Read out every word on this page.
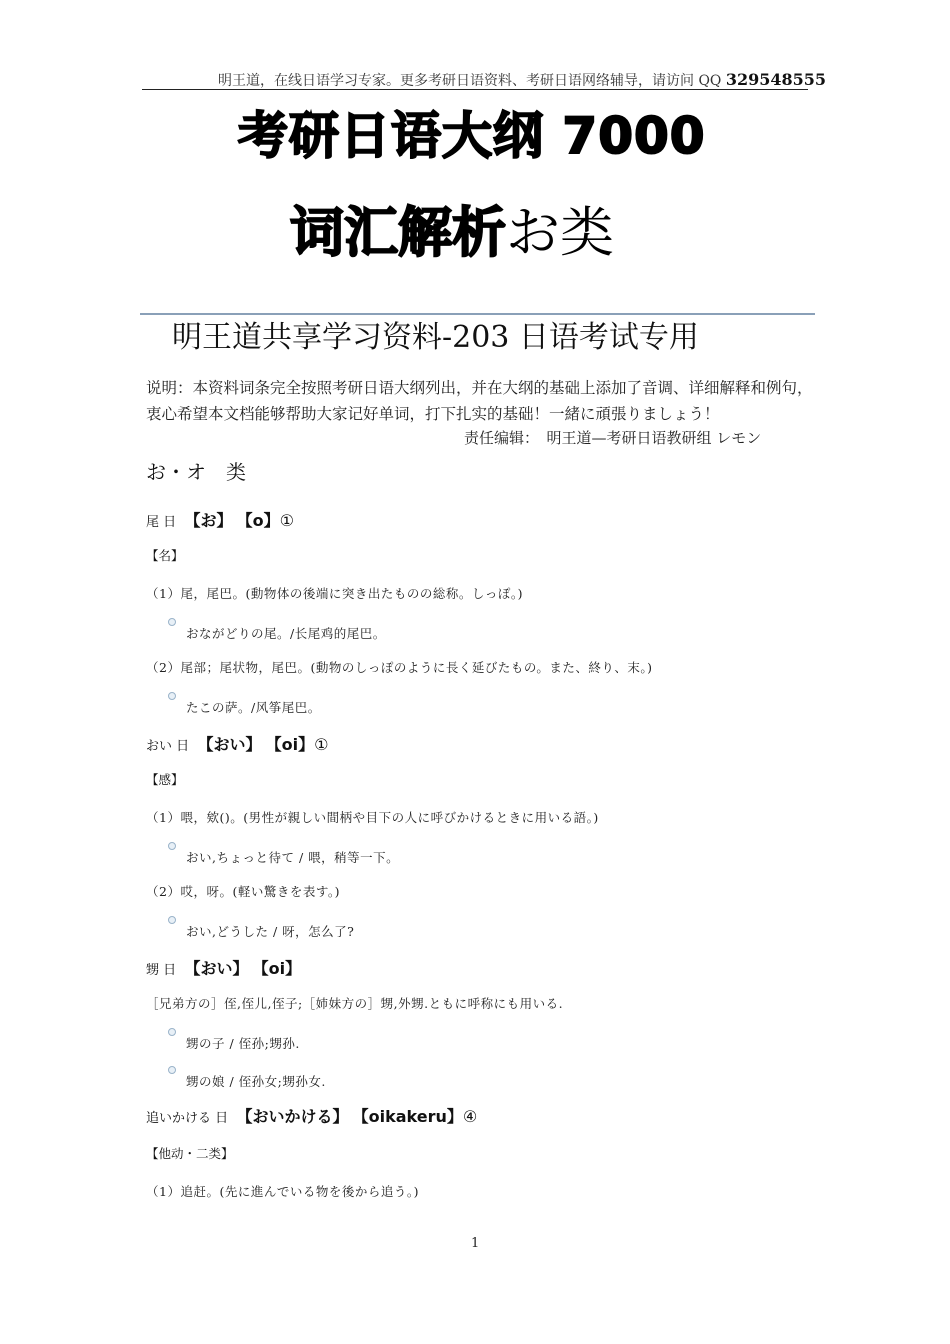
明王道，在线日语学习专家。更多考研日语资料、考研日语网络辅导，请访问 QQ 329548555
考研日语大纲 7000
词汇解析お类
明王道共享学习资料-203 日语考试专用
说明：本资料词条完全按照考研日语大纲列出，并在大纲的基础上添加了音调、详细解释和例句，衷心希望本文档能够帮助大家记好单词，打下扎实的基础！一緒に頑張りましょう！
责任编辑：　明王道—考研日语教研组 レモン
お・オ　类
尾 日 【お】 【o】①
【名】
（1）尾，尾巴。(動物体の後端に突き出たものの総称。しっぽ。)
おながどりの尾。/长尾鸡的尾巴。
（2）尾部；尾状物，尾巴。(動物のしっぽのように長く延びたもの。また、終り、末。)
たこの萨。/风筝尾巴。
おい 日 【おい】 【oi】①
【感】
（1）喂，欸()。(男性が親しい間柄や目下の人に呼びかけるときに用いる語。)
おい,ちょっと待て / 喂，稍等一下。
（2）哎，呀。(軽い驚きを表す。)
おい,どうした / 呀，怎么了?
甥 日 【おい】 【oi】
［兄弟方の］侄,侄儿,侄子;［姉妹方の］甥,外甥.ともに呼称にも用いる.
甥の子 / 侄孙;甥孙.
甥の娘 / 侄孙女;甥孙女.
追いかける 日 【おいかける】 【oikakeru】④
【他动・二类】
（1）追赶。(先に進んでいる物を後から追う。)
1
